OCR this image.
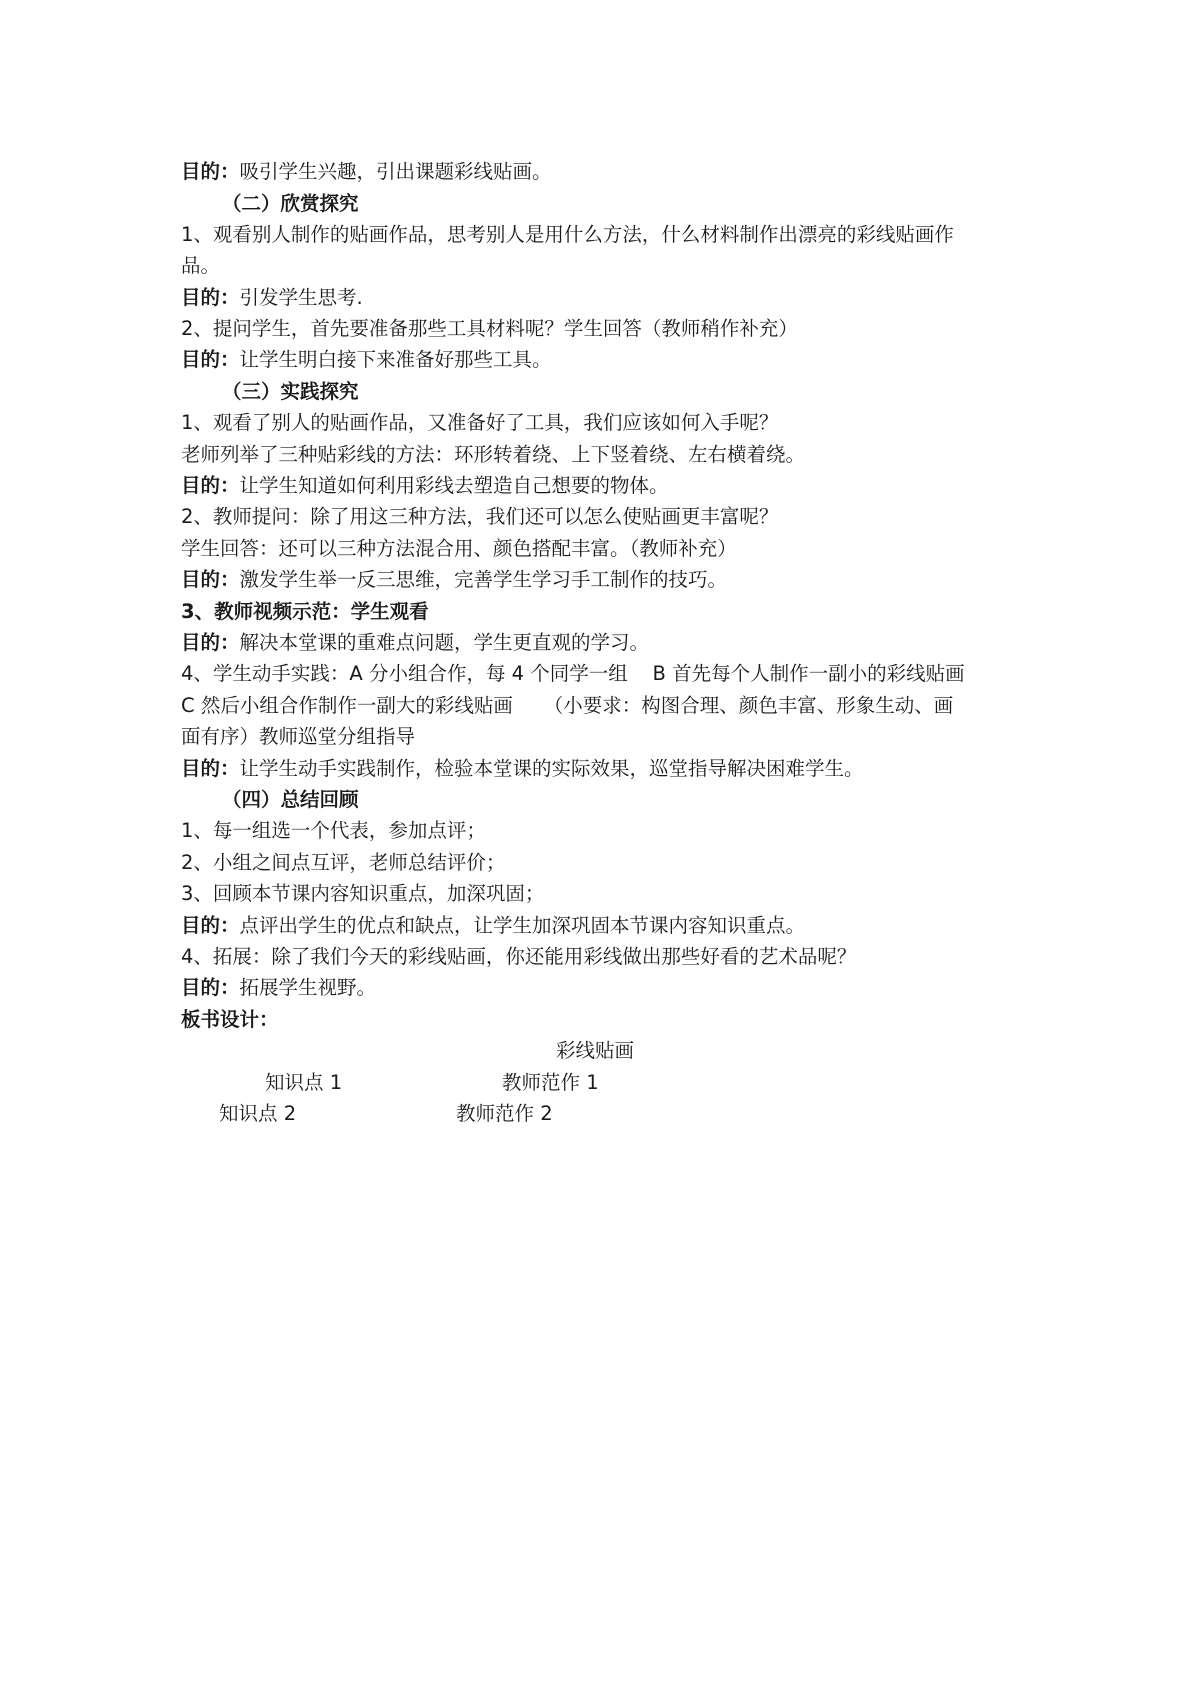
目的：吸引学生兴趣，引出课题彩线贴画。

（二）欣赏探究

1、观看别人制作的贴画作品，思考别人是用什么方法，什么材料制作出漂亮的彩线贴画作

品。

目的：引发学生思考.

2、提问学生，首先要准备那些工具材料呢？学生回答（教师稍作补充）

目的：让学生明白接下来准备好那些工具。

（三）实践探究

1、观看了别人的贴画作品，又准备好了工具，我们应该如何入手呢？

老师列举了三种贴彩线的方法：环形转着绕、上下竖着绕、左右横着绕。

目的：让学生知道如何利用彩线去塑造自己想要的物体。

2、教师提问：除了用这三种方法，我们还可以怎么使贴画更丰富呢？

学生回答：还可以三种方法混合用、颜色搭配丰富。（教师补充）

目的：激发学生举一反三思维，完善学生学习手工制作的技巧。

3、教师视频示范：学生观看

目的：解决本堂课的重难点问题，学生更直观的学习。

4、学生动手实践：A 分小组合作，每 4 个同学一组    B 首先每个人制作一副小的彩线贴画

C 然后小组合作制作一副大的彩线贴画     （小要求：构图合理、颜色丰富、形象生动、画

面有序）教师巡堂分组指导

目的：让学生动手实践制作，检验本堂课的实际效果，巡堂指导解决困难学生。

（四）总结回顾

1、每一组选一个代表，参加点评；

2、小组之间点互评，老师总结评价；

3、回顾本节课内容知识重点，加深巩固；

目的：点评出学生的优点和缺点，让学生加深巩固本节课内容知识重点。

4、拓展：除了我们今天的彩线贴画，你还能用彩线做出那些好看的艺术品呢？

目的：拓展学生视野。

板书设计：

彩线贴画

知识点 1	教师范作 1

知识点 2	教师范作 2
